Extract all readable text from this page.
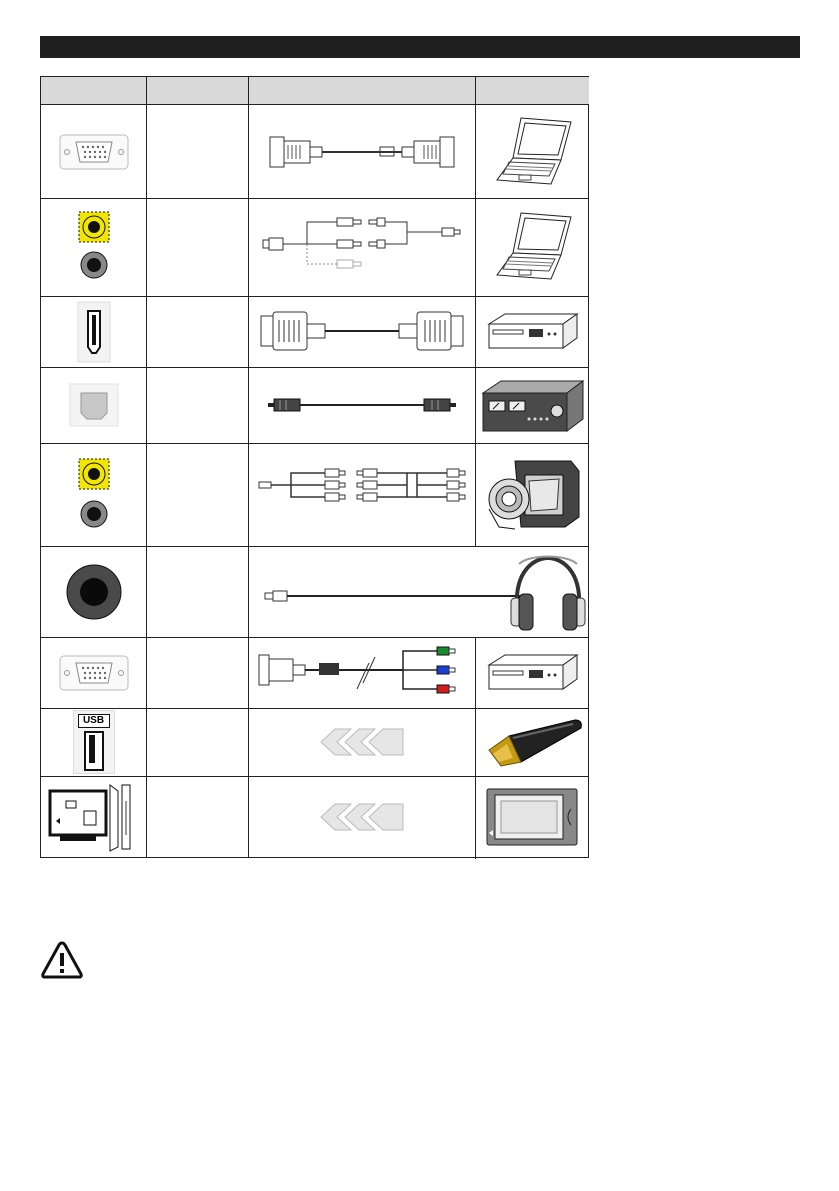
USB
